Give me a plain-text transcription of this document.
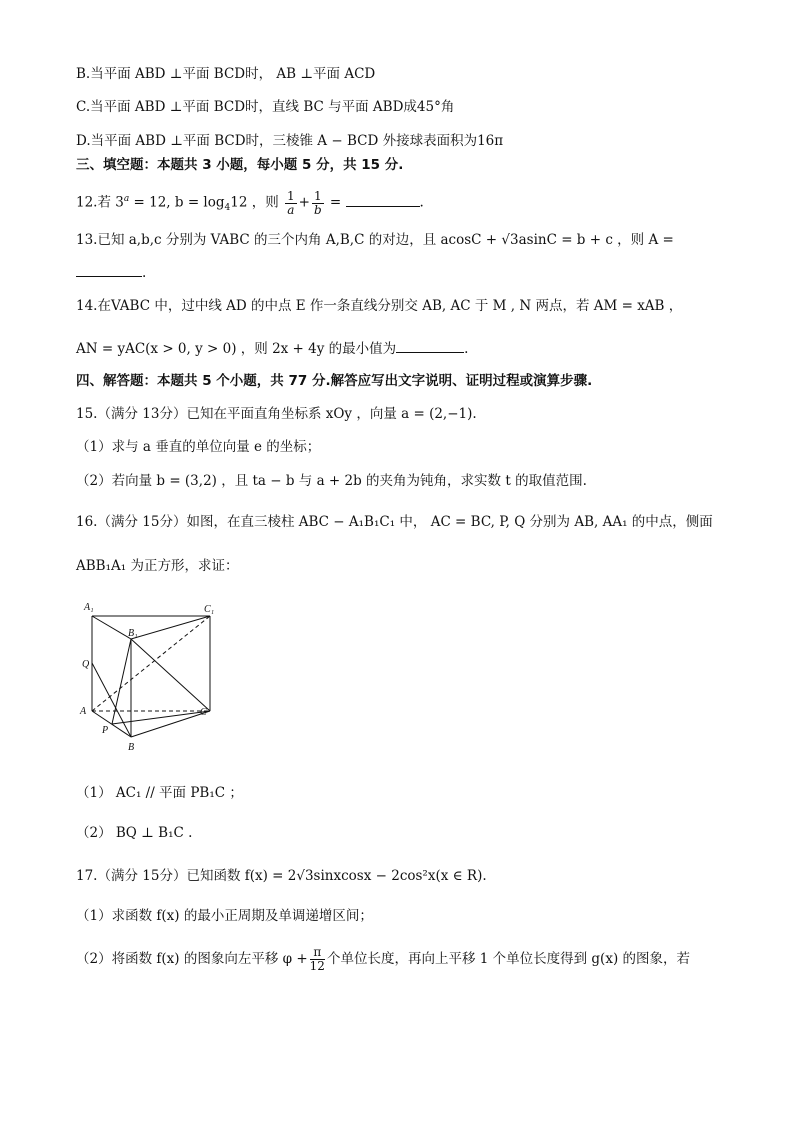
B.当平面 ABD ⊥平面 BCD时， AB ⊥平面 ACD
C.当平面 ABD ⊥平面 BCD时，直线 BC 与平面 ABD成45°角
D.当平面 ABD ⊥平面 BCD时，三棱锥 A − BCD 外接球表面积为16π
三、填空题：本题共 3 小题，每小题 5 分，共 15 分.
12.若 $3^a = 12$, $b = \log_412$ ，则 $\frac{1}{a} + \frac{1}{b}$ =	.
13.已知 a,b,c 分别为 VABC 的三个内角 A,B,C 的对边，且 acosC + √3asinC = b + c ，则 A =
.
14.在VABC 中，过中线 AD 的中点 E 作一条直线分别交 AB, AC 于 M , N 两点，若 AM = xAB ，
AN = yAC(x > 0, y > 0) ，则 2x + 4y 的最小值为	.
四、解答题：本题共 5 个小题，共 77 分.解答应写出文字说明、证明过程或演算步骤.
15.（满分 13分）已知在平面直角坐标系 xOy ，向量 a = (2,−1).
（1）求与 a 垂直的单位向量 e 的坐标；
（2）若向量 b = (3,2) ，且 ta − b 与 a + 2b 的夹角为钝角，求实数 t 的取值范围.
16.（满分 15分）如图，在直三棱柱 ABC − A₁B₁C₁ 中， AC = BC, P, Q 分别为 AB, AA₁ 的中点，侧面
ABB₁A₁ 为正方形，求证：
A₁	C₁
B₁
Q
A	C
P
B
（1） AC₁ // 平面 PB₁C ；
（2） BQ ⊥ B₁C .
17.（满分 15分）已知函数 f(x) = 2√3sinxcosx − 2cos²x(x ∈ R).
（1）求函数 f(x) 的最小正周期及单调递增区间；
（2）将函数 f(x) 的图象向左平移 $\varphi + \frac{\pi}{12}$ 个单位长度，再向上平移 1 个单位长度得到 g(x) 的图象，若
